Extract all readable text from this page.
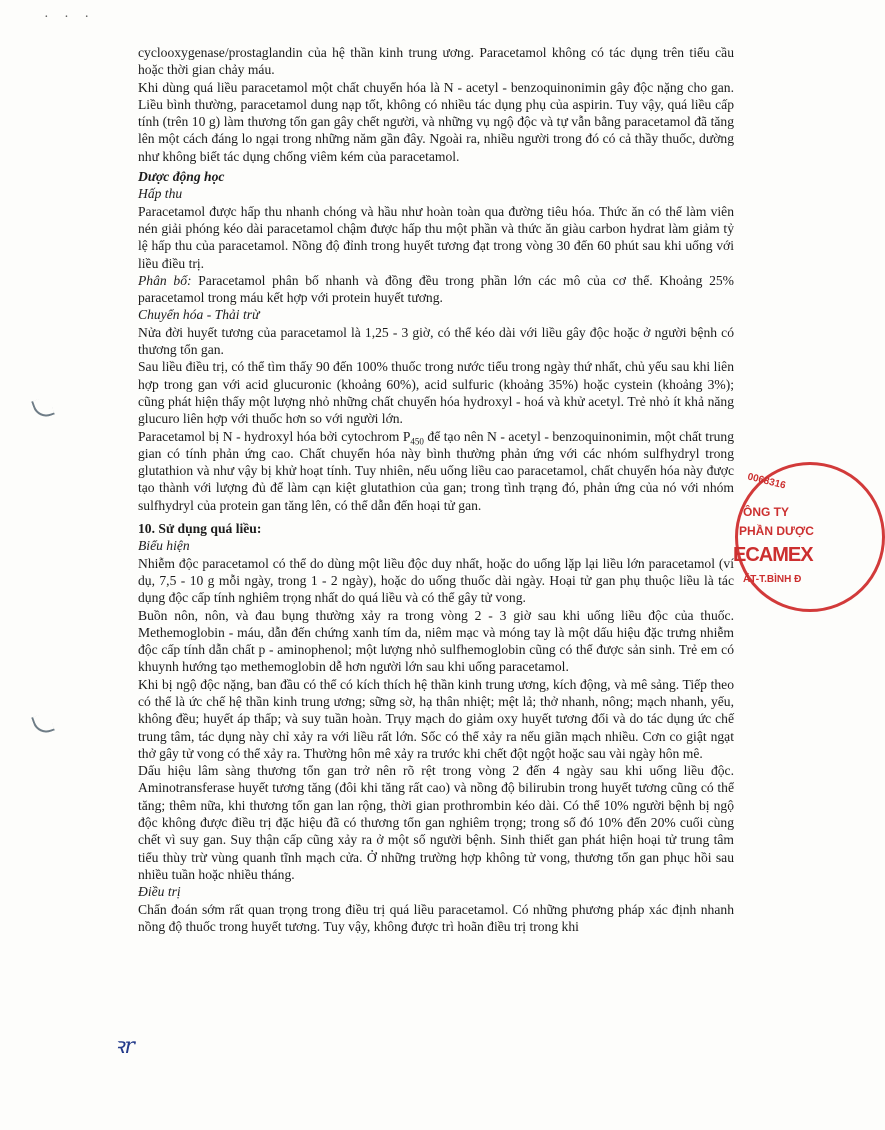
· · ·

cyclooxygenase/prostaglandin của hệ thần kinh trung ương. Paracetamol không có tác dụng trên tiểu cầu hoặc thời gian chảy máu.

Khi dùng quá liều paracetamol một chất chuyển hóa là N - acetyl - benzoquinonimin gây độc nặng cho gan. Liều bình thường, paracetamol dung nạp tốt, không có nhiều tác dụng phụ của aspirin. Tuy vậy, quá liều cấp tính (trên 10 g) làm thương tổn gan gây chết người, và những vụ ngộ độc và tự vẫn bằng paracetamol đã tăng lên một cách đáng lo ngại trong những năm gần đây. Ngoài ra, nhiều người trong đó có cả thầy thuốc, dường như không biết tác dụng chống viêm kém của paracetamol.

Dược động học

Hấp thu

Paracetamol được hấp thu nhanh chóng và hầu như hoàn toàn qua đường tiêu hóa. Thức ăn có thể làm viên nén giải phóng kéo dài paracetamol chậm được hấp thu một phần và thức ăn giàu carbon hydrat làm giảm tỷ lệ hấp thu của paracetamol. Nồng độ đỉnh trong huyết tương đạt trong vòng 30 đến 60 phút sau khi uống với liều điều trị.

Phân bố: Paracetamol phân bố nhanh và đồng đều trong phần lớn các mô của cơ thể. Khoảng 25% paracetamol trong máu kết hợp với protein huyết tương.

Chuyển hóa - Thải trừ

Nửa đời huyết tương của paracetamol là 1,25 - 3 giờ, có thể kéo dài với liều gây độc hoặc ở người bệnh có thương tổn gan.

Sau liều điều trị, có thể tìm thấy 90 đến 100% thuốc trong nước tiểu trong ngày thứ nhất, chủ yếu sau khi liên hợp trong gan với acid glucuronic (khoảng 60%), acid sulfuric (khoảng 35%) hoặc cystein (khoảng 3%); cũng phát hiện thấy một lượng nhỏ những chất chuyển hóa hydroxyl - hoá và khử acetyl. Trẻ nhỏ ít khả năng glucuro liên hợp với thuốc hơn so với người lớn.

Paracetamol bị N - hydroxyl hóa bởi cytochrom $P_{450}$ để tạo nên N - acetyl - benzoquinonimin, một chất trung gian có tính phản ứng cao. Chất chuyển hóa này bình thường phản ứng với các nhóm sulfhydryl trong glutathion và như vậy bị khử hoạt tính. Tuy nhiên, nếu uống liều cao paracetamol, chất chuyển hóa này được tạo thành với lượng đủ để làm cạn kiệt glutathion của gan; trong tình trạng đó, phản ứng của nó với nhóm sulfhydryl của protein gan tăng lên, có thể dẫn đến hoại tử gan.

10. Sử dụng quá liều:

Biểu hiện

Nhiễm độc paracetamol có thể do dùng một liều độc duy nhất, hoặc do uống lặp lại liều lớn paracetamol (ví dụ, 7,5 - 10 g mỗi ngày, trong 1 - 2 ngày), hoặc do uống thuốc dài ngày. Hoại tử gan phụ thuộc liều là tác dụng độc cấp tính nghiêm trọng nhất do quá liều và có thể gây tử vong.

Buồn nôn, nôn, và đau bụng thường xảy ra trong vòng 2 - 3 giờ sau khi uống liều độc của thuốc. Methemoglobin - máu, dẫn đến chứng xanh tím da, niêm mạc và móng tay là một dấu hiệu đặc trưng nhiễm độc cấp tính dẫn chất p - aminophenol; một lượng nhỏ sulfhemoglobin cũng có thể được sản sinh. Trẻ em có khuynh hướng tạo methemoglobin dễ hơn người lớn sau khi uống paracetamol.

Khi bị ngộ độc nặng, ban đầu có thể có kích thích hệ thần kinh trung ương, kích động, và mê sảng. Tiếp theo có thể là ức chế hệ thần kinh trung ương; sững sờ, hạ thân nhiệt; mệt lả; thở nhanh, nông; mạch nhanh, yếu, không đều; huyết áp thấp; và suy tuần hoàn. Trụy mạch do giảm oxy huyết tương đối và do tác dụng ức chế trung tâm, tác dụng này chỉ xảy ra với liều rất lớn. Sốc có thể xảy ra nếu giãn mạch nhiều. Cơn co giật ngạt thở gây tử vong có thể xảy ra. Thường hôn mê xảy ra trước khi chết đột ngột hoặc sau vài ngày hôn mê.

Dấu hiệu lâm sàng thương tổn gan trở nên rõ rệt trong vòng 2 đến 4 ngày sau khi uống liều độc. Aminotransferase huyết tương tăng (đôi khi tăng rất cao) và nồng độ bilirubin trong huyết tương cũng có thể tăng; thêm nữa, khi thương tổn gan lan rộng, thời gian prothrombin kéo dài. Có thể 10% người bệnh bị ngộ độc không được điều trị đặc hiệu đã có thương tổn gan nghiêm trọng; trong số đó 10% đến 20% cuối cùng chết vì suy gan. Suy thận cấp cũng xảy ra ở một số người bệnh. Sinh thiết gan phát hiện hoại tử trung tâm tiểu thùy trừ vùng quanh tĩnh mạch cửa. Ở những trường hợp không tử vong, thương tổn gan phục hồi sau nhiều tuần hoặc nhiều tháng.

Điều trị

Chẩn đoán sớm rất quan trọng trong điều trị quá liều paracetamol. Có những phương pháp xác định nhanh nồng độ thuốc trong huyết tương. Tuy vậy, không được trì hoãn điều trị trong khi

0068316
ÔNG TY
PHẦN DƯỢC
ECAMEX
ẤT-T.BÌNH Đ
ꝛr
